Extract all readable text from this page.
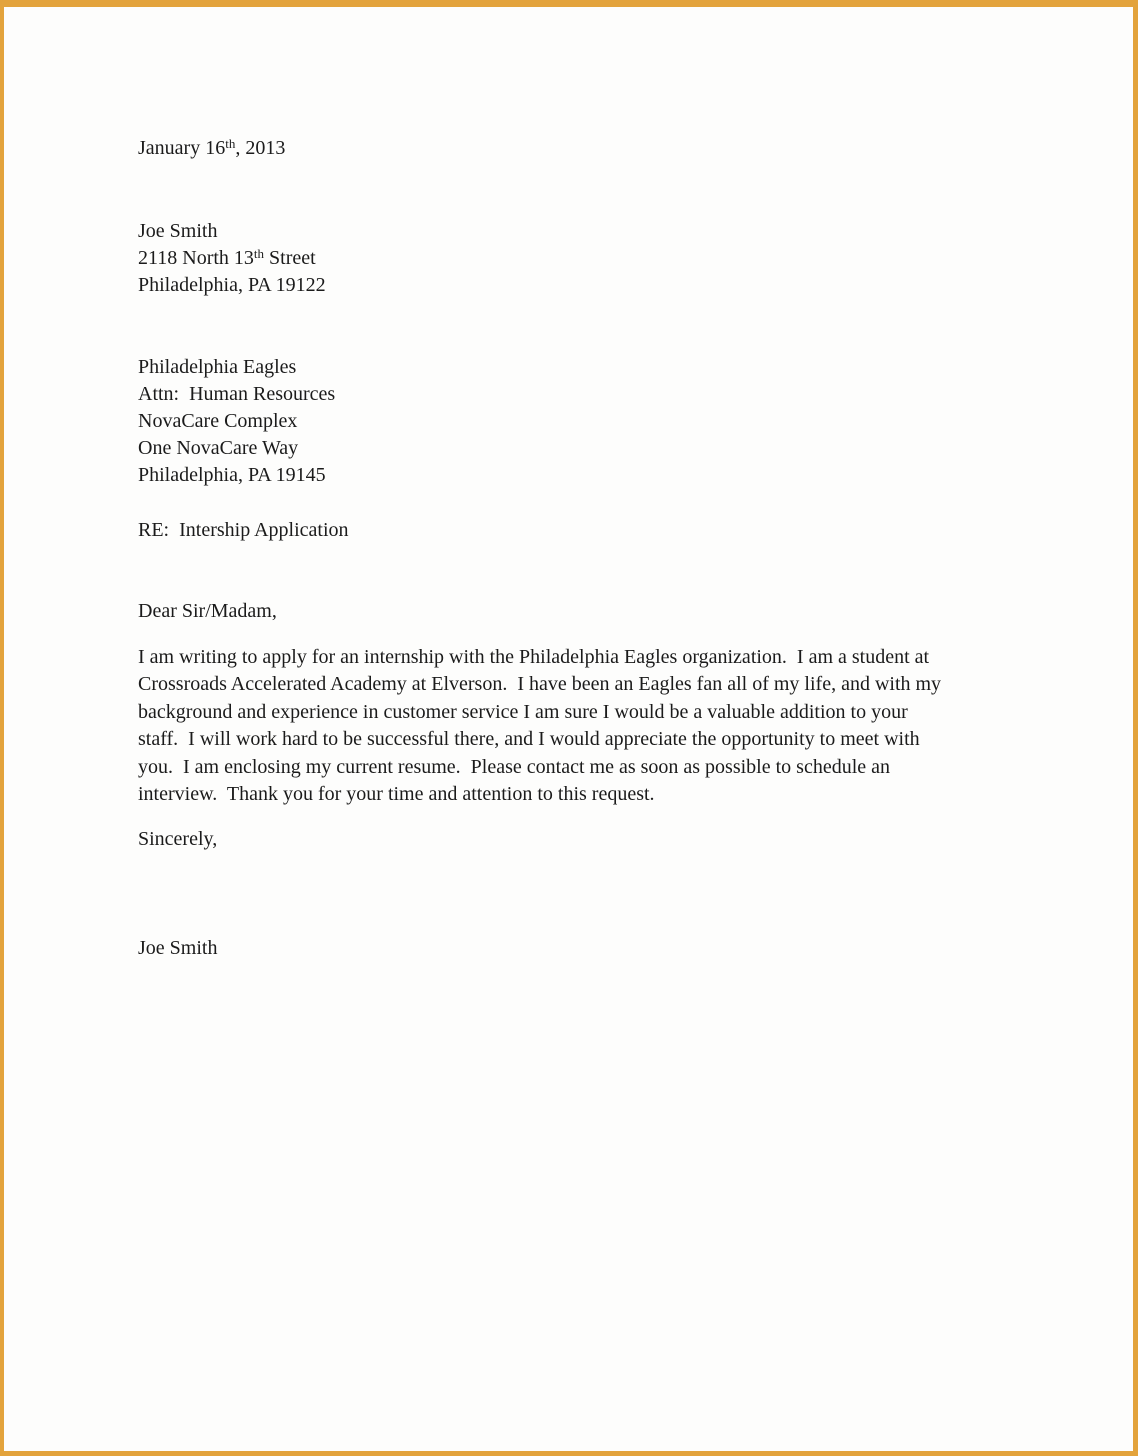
January 16th, 2013
Joe Smith
2118 North 13th Street
Philadelphia, PA 19122
Philadelphia Eagles
Attn:  Human Resources
NovaCare Complex
One NovaCare Way
Philadelphia, PA 19145
RE:  Intership Application
Dear Sir/Madam,
I am writing to apply for an internship with the Philadelphia Eagles organization.  I am a student at
Crossroads Accelerated Academy at Elverson.  I have been an Eagles fan all of my life, and with my
background and experience in customer service I am sure I would be a valuable addition to your
staff.  I will work hard to be successful there, and I would appreciate the opportunity to meet with
you.  I am enclosing my current resume.  Please contact me as soon as possible to schedule an
interview.  Thank you for your time and attention to this request.
Sincerely,
Joe Smith
